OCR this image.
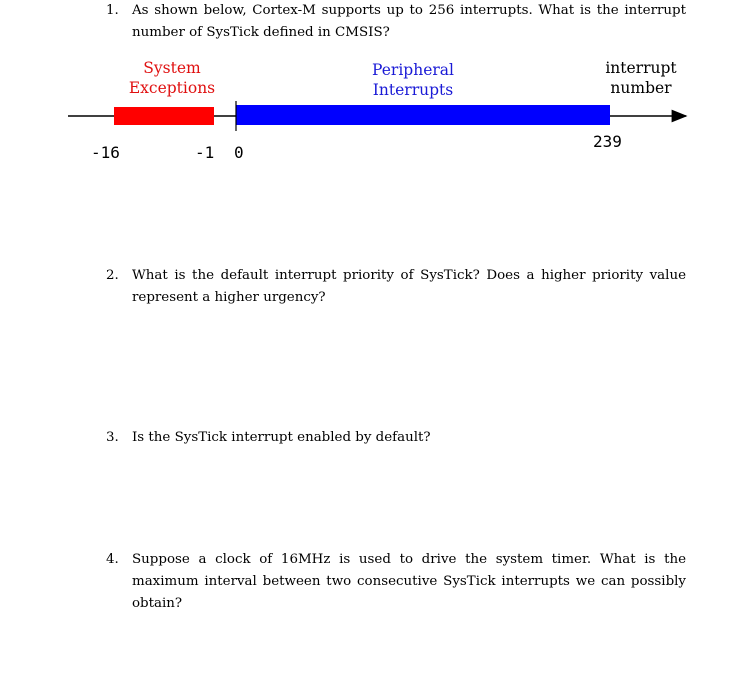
1. As shown below, Cortex-M supports up to 256 interrupts. What is the interrupt number of SysTick defined in CMSIS?
System
Exceptions
Peripheral
Interrupts
interrupt
number
-16	-1 0
239
2. What is the default interrupt priority of SysTick? Does a higher priority value represent a higher urgency?
3. Is the SysTick interrupt enabled by default?
4. Suppose a clock of 16MHz is used to drive the system timer. What is the maximum interval between two consecutive SysTick interrupts we can possibly obtain?
